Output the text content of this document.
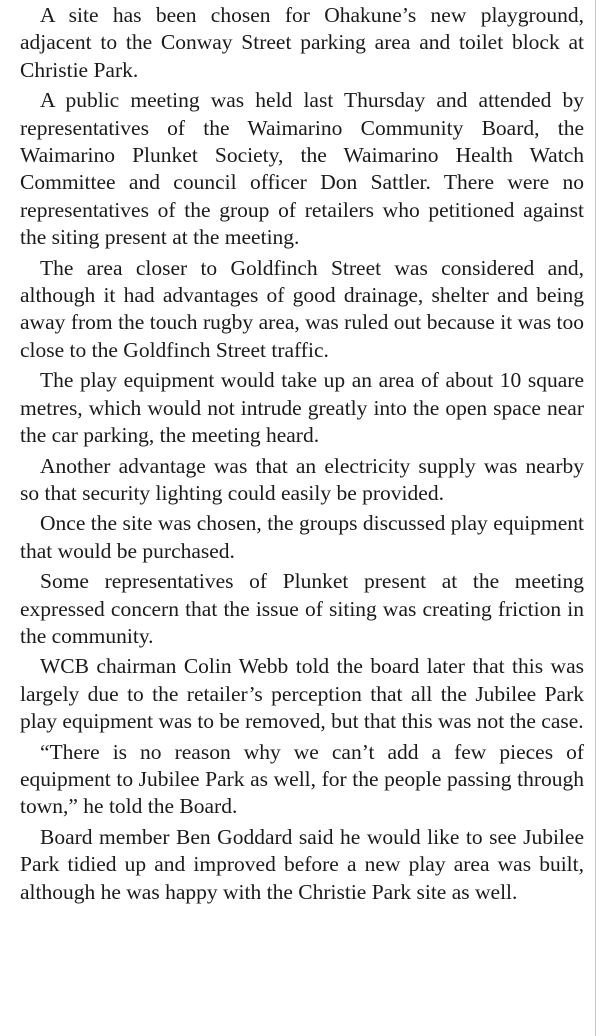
A site has been chosen for Ohakune’s new playground, adjacent to the Conway Street parking area and toilet block at Christie Park.

A public meeting was held last Thursday and attended by representatives of the Waimarino Community Board, the Waimarino Plunket Society, the Waimarino Health Watch Committee and council officer Don Sattler. There were no representatives of the group of retailers who petitioned against the siting present at the meeting.

The area closer to Goldfinch Street was considered and, although it had advantages of good drainage, shelter and being away from the touch rugby area, was ruled out because it was too close to the Goldfinch Street traffic.

The play equipment would take up an area of about 10 square metres, which would not intrude greatly into the open space near the car parking, the meeting heard.

Another advantage was that an electricity supply was nearby so that security lighting could easily be provided.

Once the site was chosen, the groups discussed play equipment that would be purchased.

Some representatives of Plunket present at the meeting expressed concern that the issue of siting was creating friction in the community.

WCB chairman Colin Webb told the board later that this was largely due to the retailer’s perception that all the Jubilee Park play equipment was to be removed, but that this was not the case.

“There is no reason why we can’t add a few pieces of equipment to Jubilee Park as well, for the people passing through town,” he told the Board.

Board member Ben Goddard said he would like to see Jubilee Park tidied up and improved before a new play area was built, although he was happy with the Christie Park site as well.
